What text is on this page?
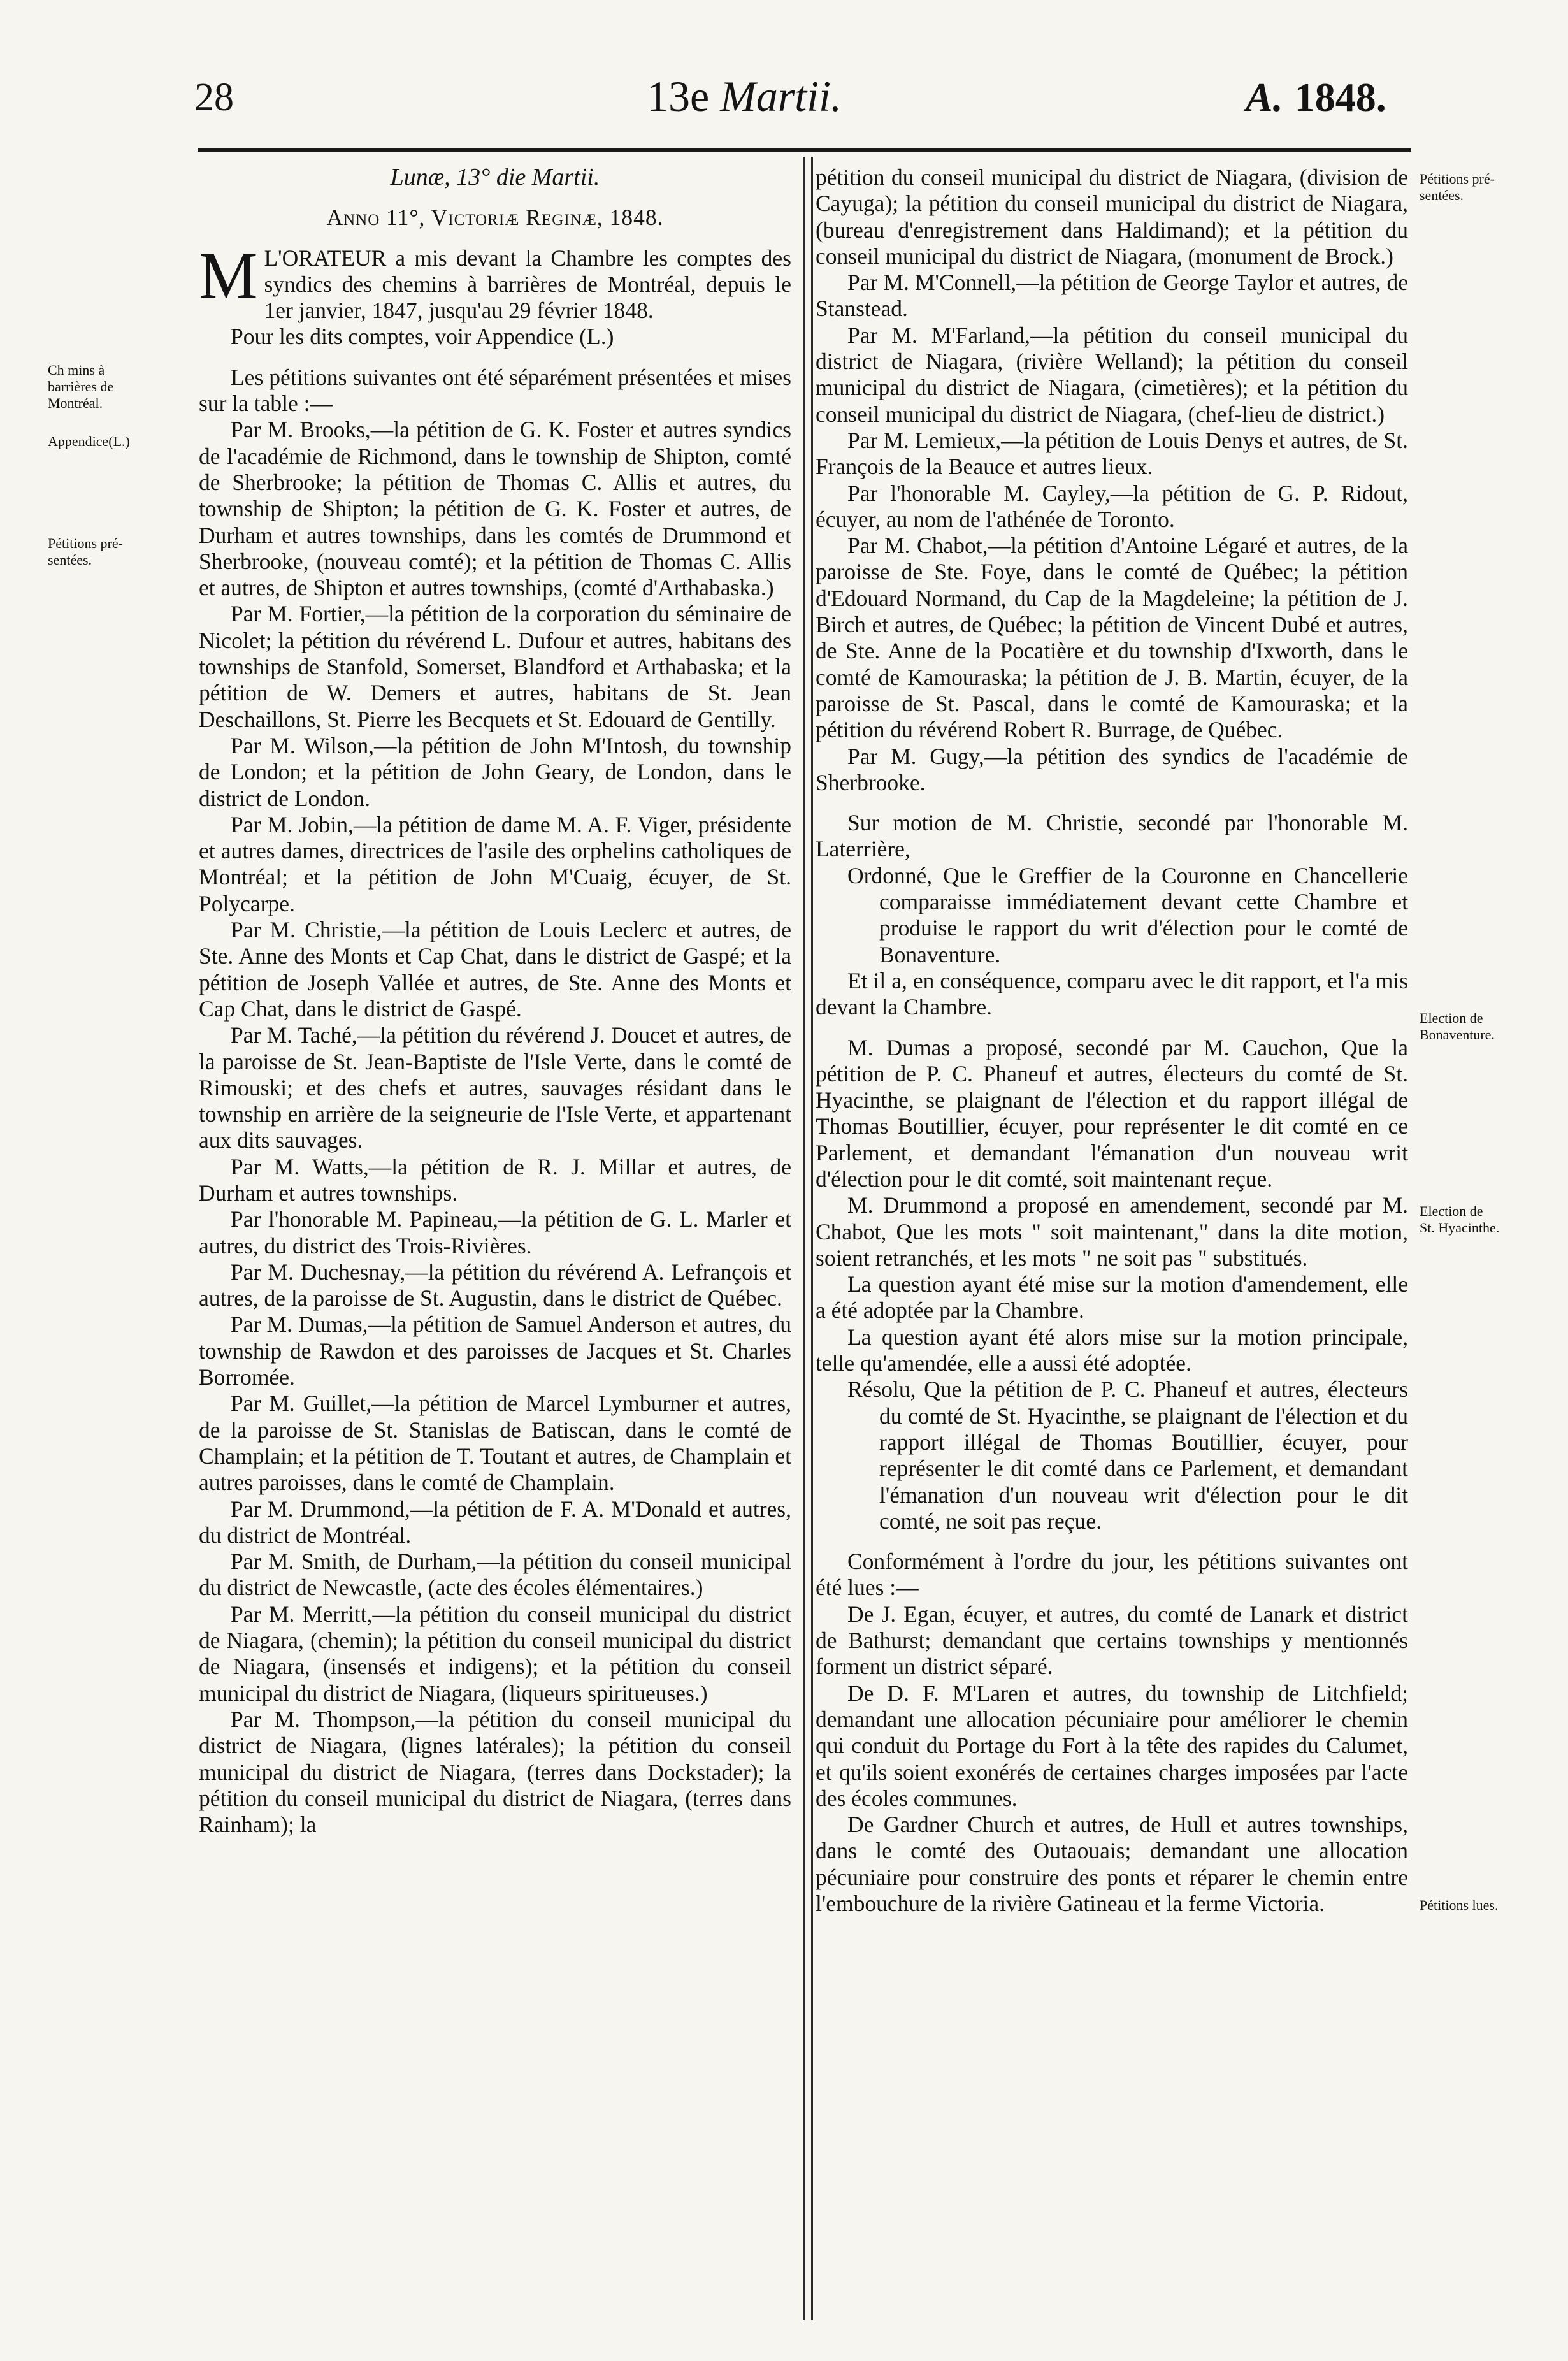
28	13e Martii.	A. 1848.
Ch mins à
barrières de
Montréal.
Appendice(L.)
Pétitions pré-
sentées.
Pétitions pré-
sentées.
Election de
Bonaventure.
Election de
St. Hyacinthe.
Pétitions lues.

Lunæ, 13° die Martii.

Anno 11°, Victoriæ Reginæ, 1848.

M L'ORATEUR a mis devant la Chambre les comptes des syndics des chemins à barrières de Montréal, depuis le 1er janvier, 1847, jusqu'au 29 février 1848.

Pour les dits comptes, voir Appendice (L.)

Les pétitions suivantes ont été séparément présentées et mises sur la table :—

Par M. Brooks,—la pétition de G. K. Foster et autres syndics de l'académie de Richmond, dans le township de Shipton, comté de Sherbrooke; la pétition de Thomas C. Allis et autres, du township de Shipton; la pétition de G. K. Foster et autres, de Durham et autres townships, dans les comtés de Drummond et Sherbrooke, (nouveau comté); et la pétition de Thomas C. Allis et autres, de Shipton et autres townships, (comté d'Arthabaska.)

Par M. Fortier,—la pétition de la corporation du séminaire de Nicolet; la pétition du révérend L. Dufour et autres, habitans des townships de Stanfold, Somerset, Blandford et Arthabaska; et la pétition de W. Demers et autres, habitans de St. Jean Deschaillons, St. Pierre les Becquets et St. Edouard de Gentilly.

Par M. Wilson,—la pétition de John M'Intosh, du township de London; et la pétition de John Geary, de London, dans le district de London.

Par M. Jobin,—la pétition de dame M. A. F. Viger, présidente et autres dames, directrices de l'asile des orphelins catholiques de Montréal; et la pétition de John M'Cuaig, écuyer, de St. Polycarpe.

Par M. Christie,—la pétition de Louis Leclerc et autres, de Ste. Anne des Monts et Cap Chat, dans le district de Gaspé; et la pétition de Joseph Vallée et autres, de Ste. Anne des Monts et Cap Chat, dans le district de Gaspé.

Par M. Taché,—la pétition du révérend J. Doucet et autres, de la paroisse de St. Jean-Baptiste de l'Isle Verte, dans le comté de Rimouski; et des chefs et autres, sauvages résidant dans le township en arrière de la seigneurie de l'Isle Verte, et appartenant aux dits sauvages.

Par M. Watts,—la pétition de R. J. Millar et autres, de Durham et autres townships.

Par l'honorable M. Papineau,—la pétition de G. L. Marler et autres, du district des Trois-Rivières.

Par M. Duchesnay,—la pétition du révérend A. Lefrançois et autres, de la paroisse de St. Augustin, dans le district de Québec.

Par M. Dumas,—la pétition de Samuel Anderson et autres, du township de Rawdon et des paroisses de Jacques et St. Charles Borromée.

Par M. Guillet,—la pétition de Marcel Lymburner et autres, de la paroisse de St. Stanislas de Batiscan, dans le comté de Champlain; et la pétition de T. Toutant et autres, de Champlain et autres paroisses, dans le comté de Champlain.

Par M. Drummond,—la pétition de F. A. M'Donald et autres, du district de Montréal.

Par M. Smith, de Durham,—la pétition du conseil municipal du district de Newcastle, (acte des écoles élémentaires.)

Par M. Merritt,—la pétition du conseil municipal du district de Niagara, (chemin); la pétition du conseil municipal du district de Niagara, (insensés et indigens); et la pétition du conseil municipal du district de Niagara, (liqueurs spiritueuses.)

Par M. Thompson,—la pétition du conseil municipal du district de Niagara, (lignes latérales); la pétition du conseil municipal du district de Niagara, (terres dans Dockstader); la pétition du conseil municipal du district de Niagara, (terres dans Rainham); la

pétition du conseil municipal du district de Niagara, (division de Cayuga); la pétition du conseil municipal du district de Niagara, (bureau d'enregistrement dans Haldimand); et la pétition du conseil municipal du district de Niagara, (monument de Brock.)

Par M. M'Connell,—la pétition de George Taylor et autres, de Stanstead.

Par M. M'Farland,—la pétition du conseil municipal du district de Niagara, (rivière Welland); la pétition du conseil municipal du district de Niagara, (cimetières); et la pétition du conseil municipal du district de Niagara, (chef-lieu de district.)

Par M. Lemieux,—la pétition de Louis Denys et autres, de St. François de la Beauce et autres lieux.

Par l'honorable M. Cayley,—la pétition de G. P. Ridout, écuyer, au nom de l'athénée de Toronto.

Par M. Chabot,—la pétition d'Antoine Légaré et autres, de la paroisse de Ste. Foye, dans le comté de Québec; la pétition d'Edouard Normand, du Cap de la Magdeleine; la pétition de J. Birch et autres, de Québec; la pétition de Vincent Dubé et autres, de Ste. Anne de la Pocatière et du township d'Ixworth, dans le comté de Kamouraska; la pétition de J. B. Martin, écuyer, de la paroisse de St. Pascal, dans le comté de Kamouraska; et la pétition du révérend Robert R. Burrage, de Québec.

Par M. Gugy,—la pétition des syndics de l'académie de Sherbrooke.

Sur motion de M. Christie, secondé par l'honorable M. Laterrière,

Ordonné, Que le Greffier de la Couronne en Chancellerie comparaisse immédiatement devant cette Chambre et produise le rapport du writ d'élection pour le comté de Bonaventure.

Et il a, en conséquence, comparu avec le dit rapport, et l'a mis devant la Chambre.

M. Dumas a proposé, secondé par M. Cauchon, Que la pétition de P. C. Phaneuf et autres, électeurs du comté de St. Hyacinthe, se plaignant de l'élection et du rapport illégal de Thomas Boutillier, écuyer, pour représenter le dit comté en ce Parlement, et demandant l'émanation d'un nouveau writ d'élection pour le dit comté, soit maintenant reçue.

M. Drummond a proposé en amendement, secondé par M. Chabot, Que les mots " soit maintenant," dans la dite motion, soient retranchés, et les mots " ne soit pas " substitués.

La question ayant été mise sur la motion d'amendement, elle a été adoptée par la Chambre.

La question ayant été alors mise sur la motion principale, telle qu'amendée, elle a aussi été adoptée.

Résolu, Que la pétition de P. C. Phaneuf et autres, électeurs du comté de St. Hyacinthe, se plaignant de l'élection et du rapport illégal de Thomas Boutillier, écuyer, pour représenter le dit comté dans ce Parlement, et demandant l'émanation d'un nouveau writ d'élection pour le dit comté, ne soit pas reçue.

Conformément à l'ordre du jour, les pétitions suivantes ont été lues :—

De J. Egan, écuyer, et autres, du comté de Lanark et district de Bathurst; demandant que certains townships y mentionnés forment un district séparé.

De D. F. M'Laren et autres, du township de Litchfield; demandant une allocation pécuniaire pour améliorer le chemin qui conduit du Portage du Fort à la tête des rapides du Calumet, et qu'ils soient exonérés de certaines charges imposées par l'acte des écoles communes.

De Gardner Church et autres, de Hull et autres townships, dans le comté des Outaouais; demandant une allocation pécuniaire pour construire des ponts et réparer le chemin entre l'embouchure de la rivière Gatineau et la ferme Victoria.
